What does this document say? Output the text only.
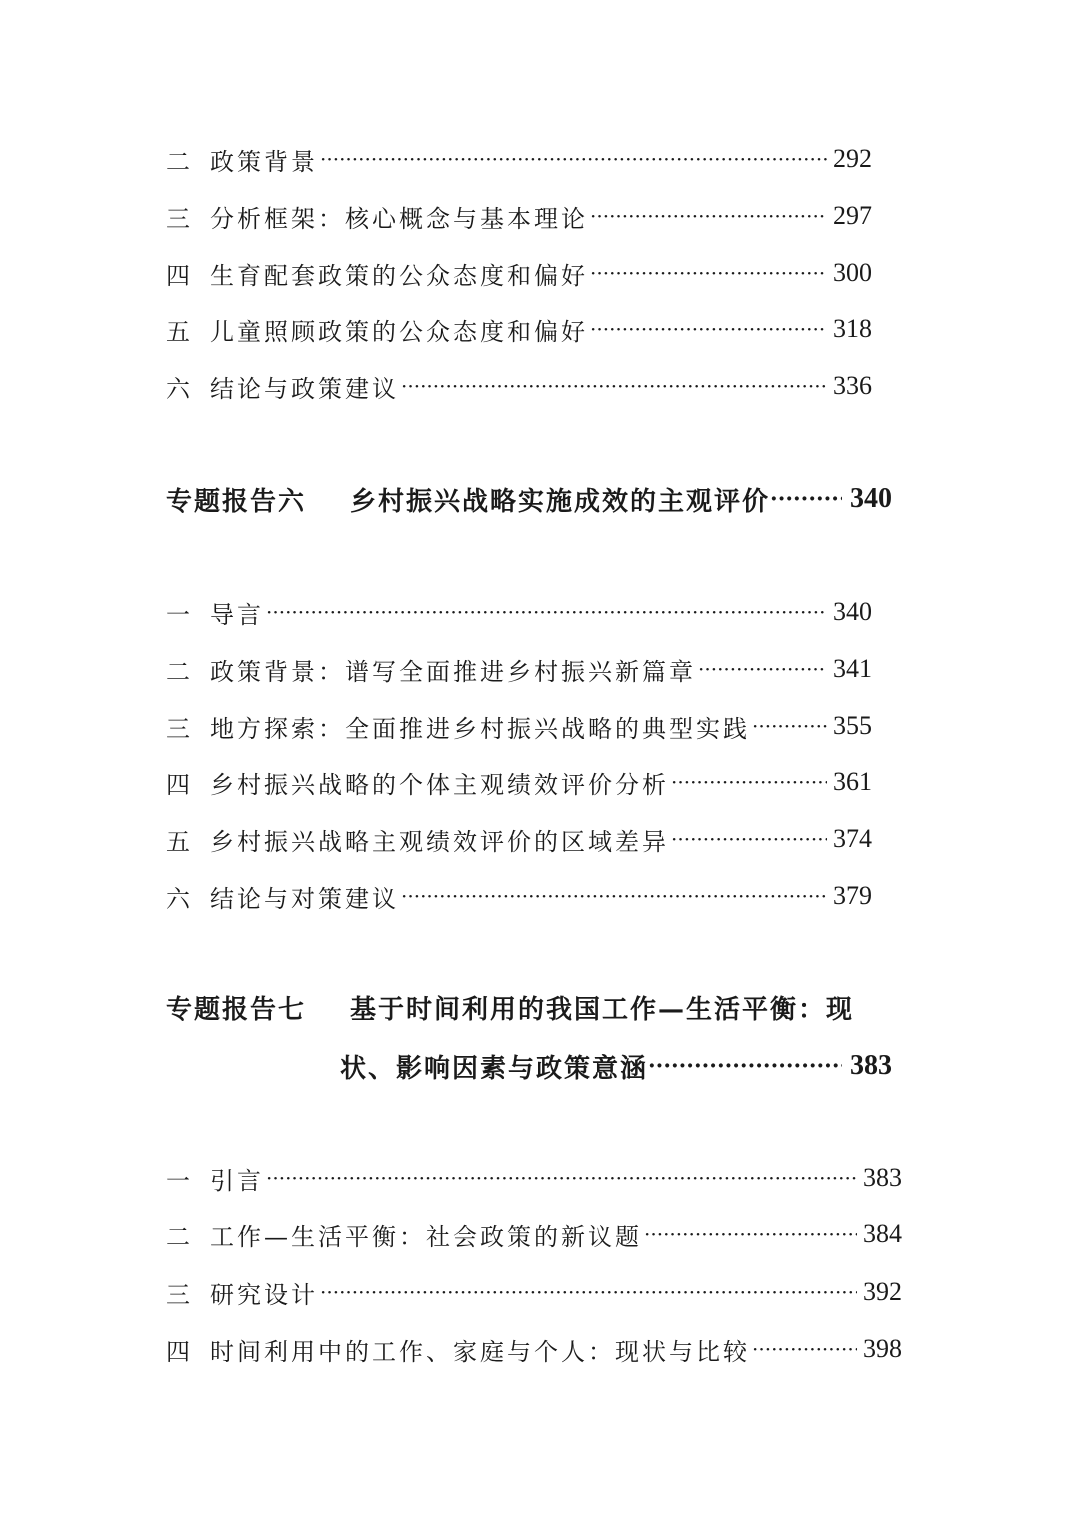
二 政策背景 ·····	292
三 分析框架：核心概念与基本理论 ·····	297
四 生育配套政策的公众态度和偏好 ·····	300
五 儿童照顾政策的公众态度和偏好 ·····	318
六 结论与政策建议 ·····	336
专题报告六 乡村振兴战略实施成效的主观评价 ·····	340
一 导言 ·····	340
二 政策背景：谱写全面推进乡村振兴新篇章 ·····	341
三 地方探索：全面推进乡村振兴战略的典型实践 ·····	355
四 乡村振兴战略的个体主观绩效评价分析 ·····	361
五 乡村振兴战略主观绩效评价的区域差异 ·····	374
六 结论与对策建议 ·····	379
专题报告七 基于时间利用的我国工作—生活平衡：现
状、影响因素与政策意涵 ·····	383
一 引言 ·····	383
二 工作—生活平衡：社会政策的新议题 ·····	384
三 研究设计 ·····	392
四 时间利用中的工作、家庭与个人：现状与比较 ·····	398
